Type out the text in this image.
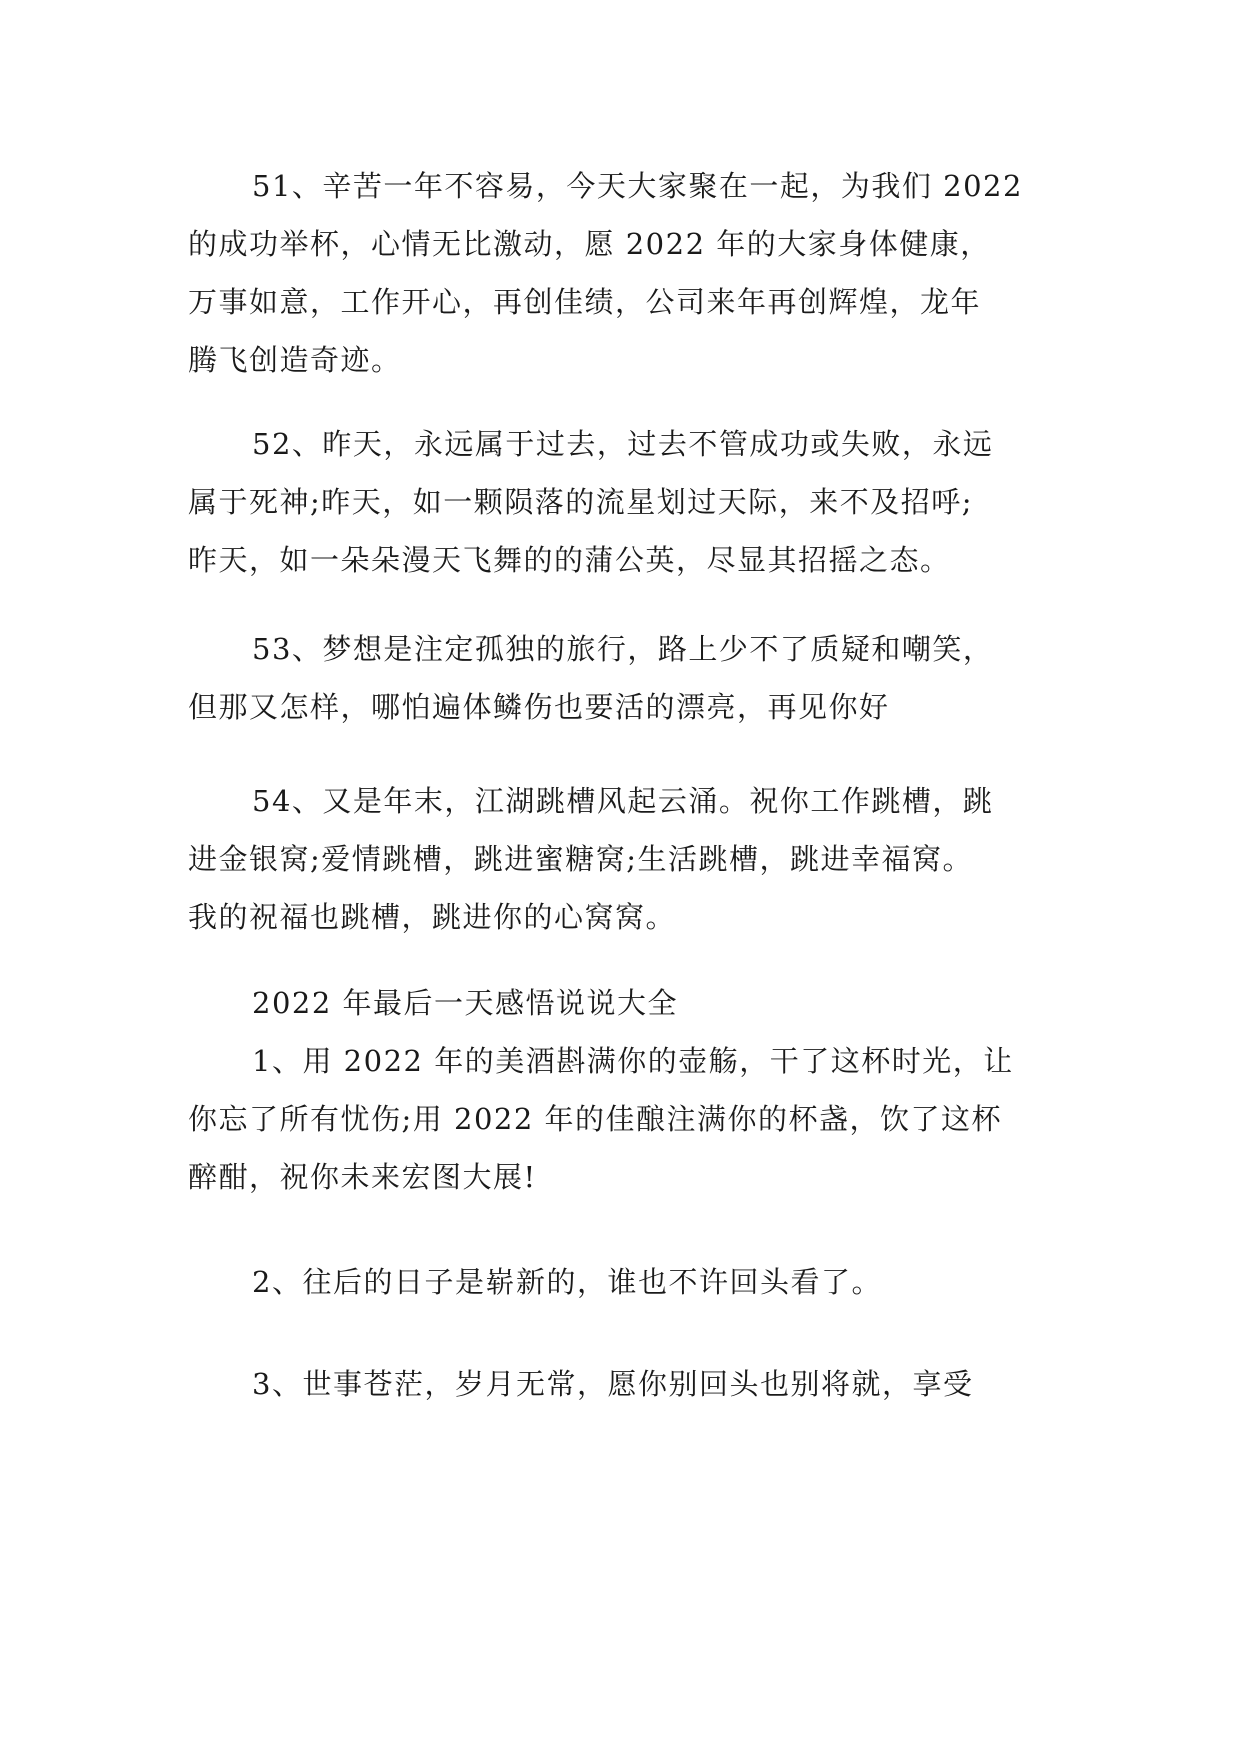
51、辛苦一年不容易，今天大家聚在一起，为我们 2022
的成功举杯，心情无比激动，愿 2022 年的大家身体健康，
万事如意，工作开心，再创佳绩，公司来年再创辉煌，龙年
腾飞创造奇迹。
52、昨天，永远属于过去，过去不管成功或失败，永远
属于死神;昨天，如一颗陨落的流星划过天际，来不及招呼;
昨天，如一朵朵漫天飞舞的的蒲公英，尽显其招摇之态。
53、梦想是注定孤独的旅行，路上少不了质疑和嘲笑，
但那又怎样，哪怕遍体鳞伤也要活的漂亮，再见你好
54、又是年末，江湖跳槽风起云涌。祝你工作跳槽，跳
进金银窝;爱情跳槽，跳进蜜糖窝;生活跳槽，跳进幸福窝。
我的祝福也跳槽，跳进你的心窝窝。
2022 年最后一天感悟说说大全
1、用 2022 年的美酒斟满你的壶觞，干了这杯时光，让
你忘了所有忧伤;用 2022 年的佳酿注满你的杯盏，饮了这杯
醉酣，祝你未来宏图大展!
2、往后的日子是崭新的，谁也不许回头看了。
3、世事苍茫，岁月无常，愿你别回头也别将就，享受
